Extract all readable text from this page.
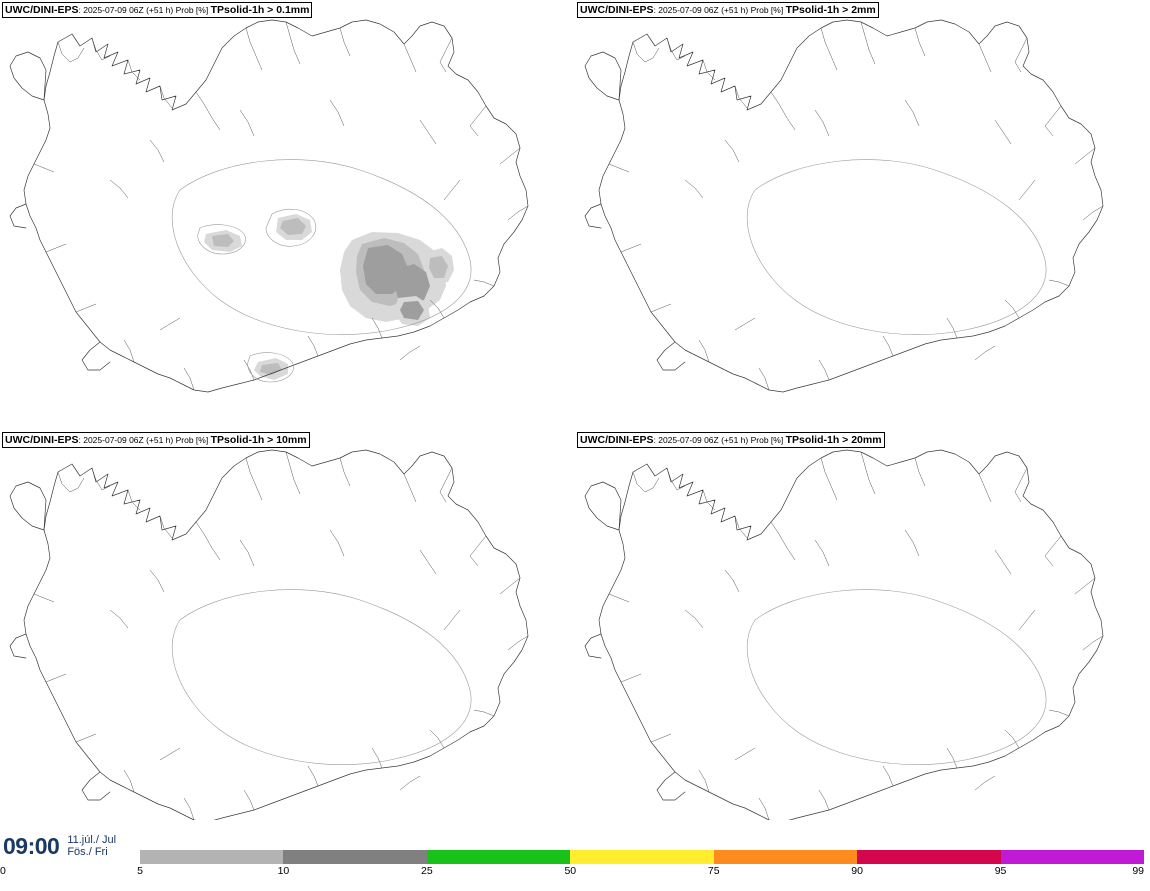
UWC/DINI-EPS: 2025-07-09 06Z (+51 h) Prob [%] TPsolid-1h > 0.1mm	UWC/DINI-EPS: 2025-07-09 06Z (+51 h) Prob [%] TPsolid-1h > 2mm
UWC/DINI-EPS: 2025-07-09 06Z (+51 h) Prob [%] TPsolid-1h > 10mm	UWC/DINI-EPS: 2025-07-09 06Z (+51 h) Prob [%] TPsolid-1h > 20mm
09:00 11.júl./ Jul
Fös./ Fri
5	10	25	50	75	90	95	99
0
